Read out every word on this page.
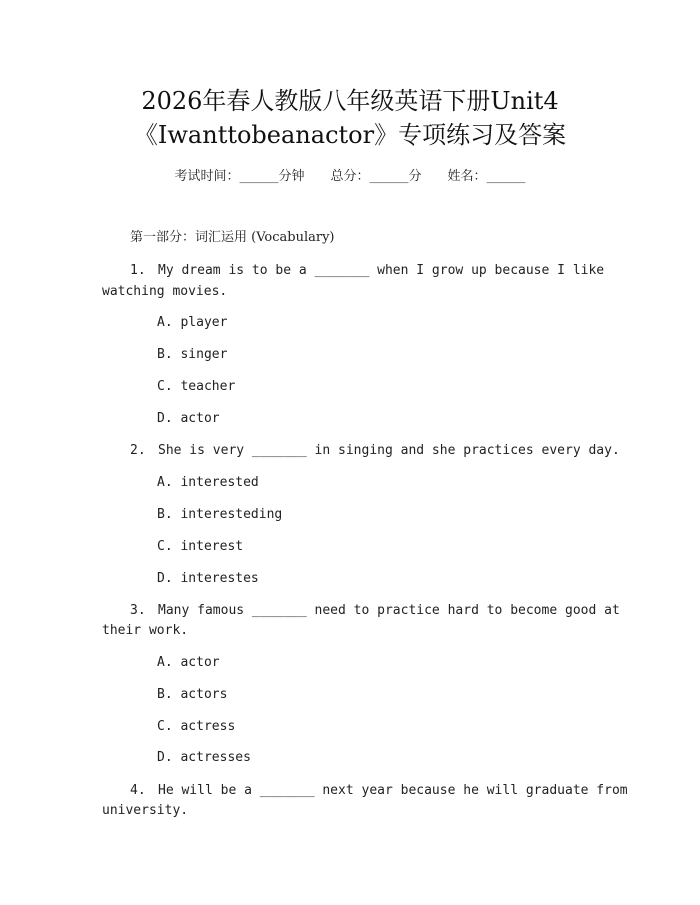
2026年春人教版八年级英语下册Unit4
《Iwanttobeanactor》专项练习及答案
考试时间：______分钟 总分：______分 姓名：______
第一部分：词汇运用 (Vocabulary)
1. My dream is to be a _______ when I grow up because I like
watching movies.
A. player
B. singer
C. teacher
D. actor
2. She is very _______ in singing and she practices every day.
A. interested
B. interesteding
C. interest
D. interestes
3. Many famous _______ need to practice hard to become good at
their work.
A. actor
B. actors
C. actress
D. actresses
4. He will be a _______ next year because he will graduate from
university.
